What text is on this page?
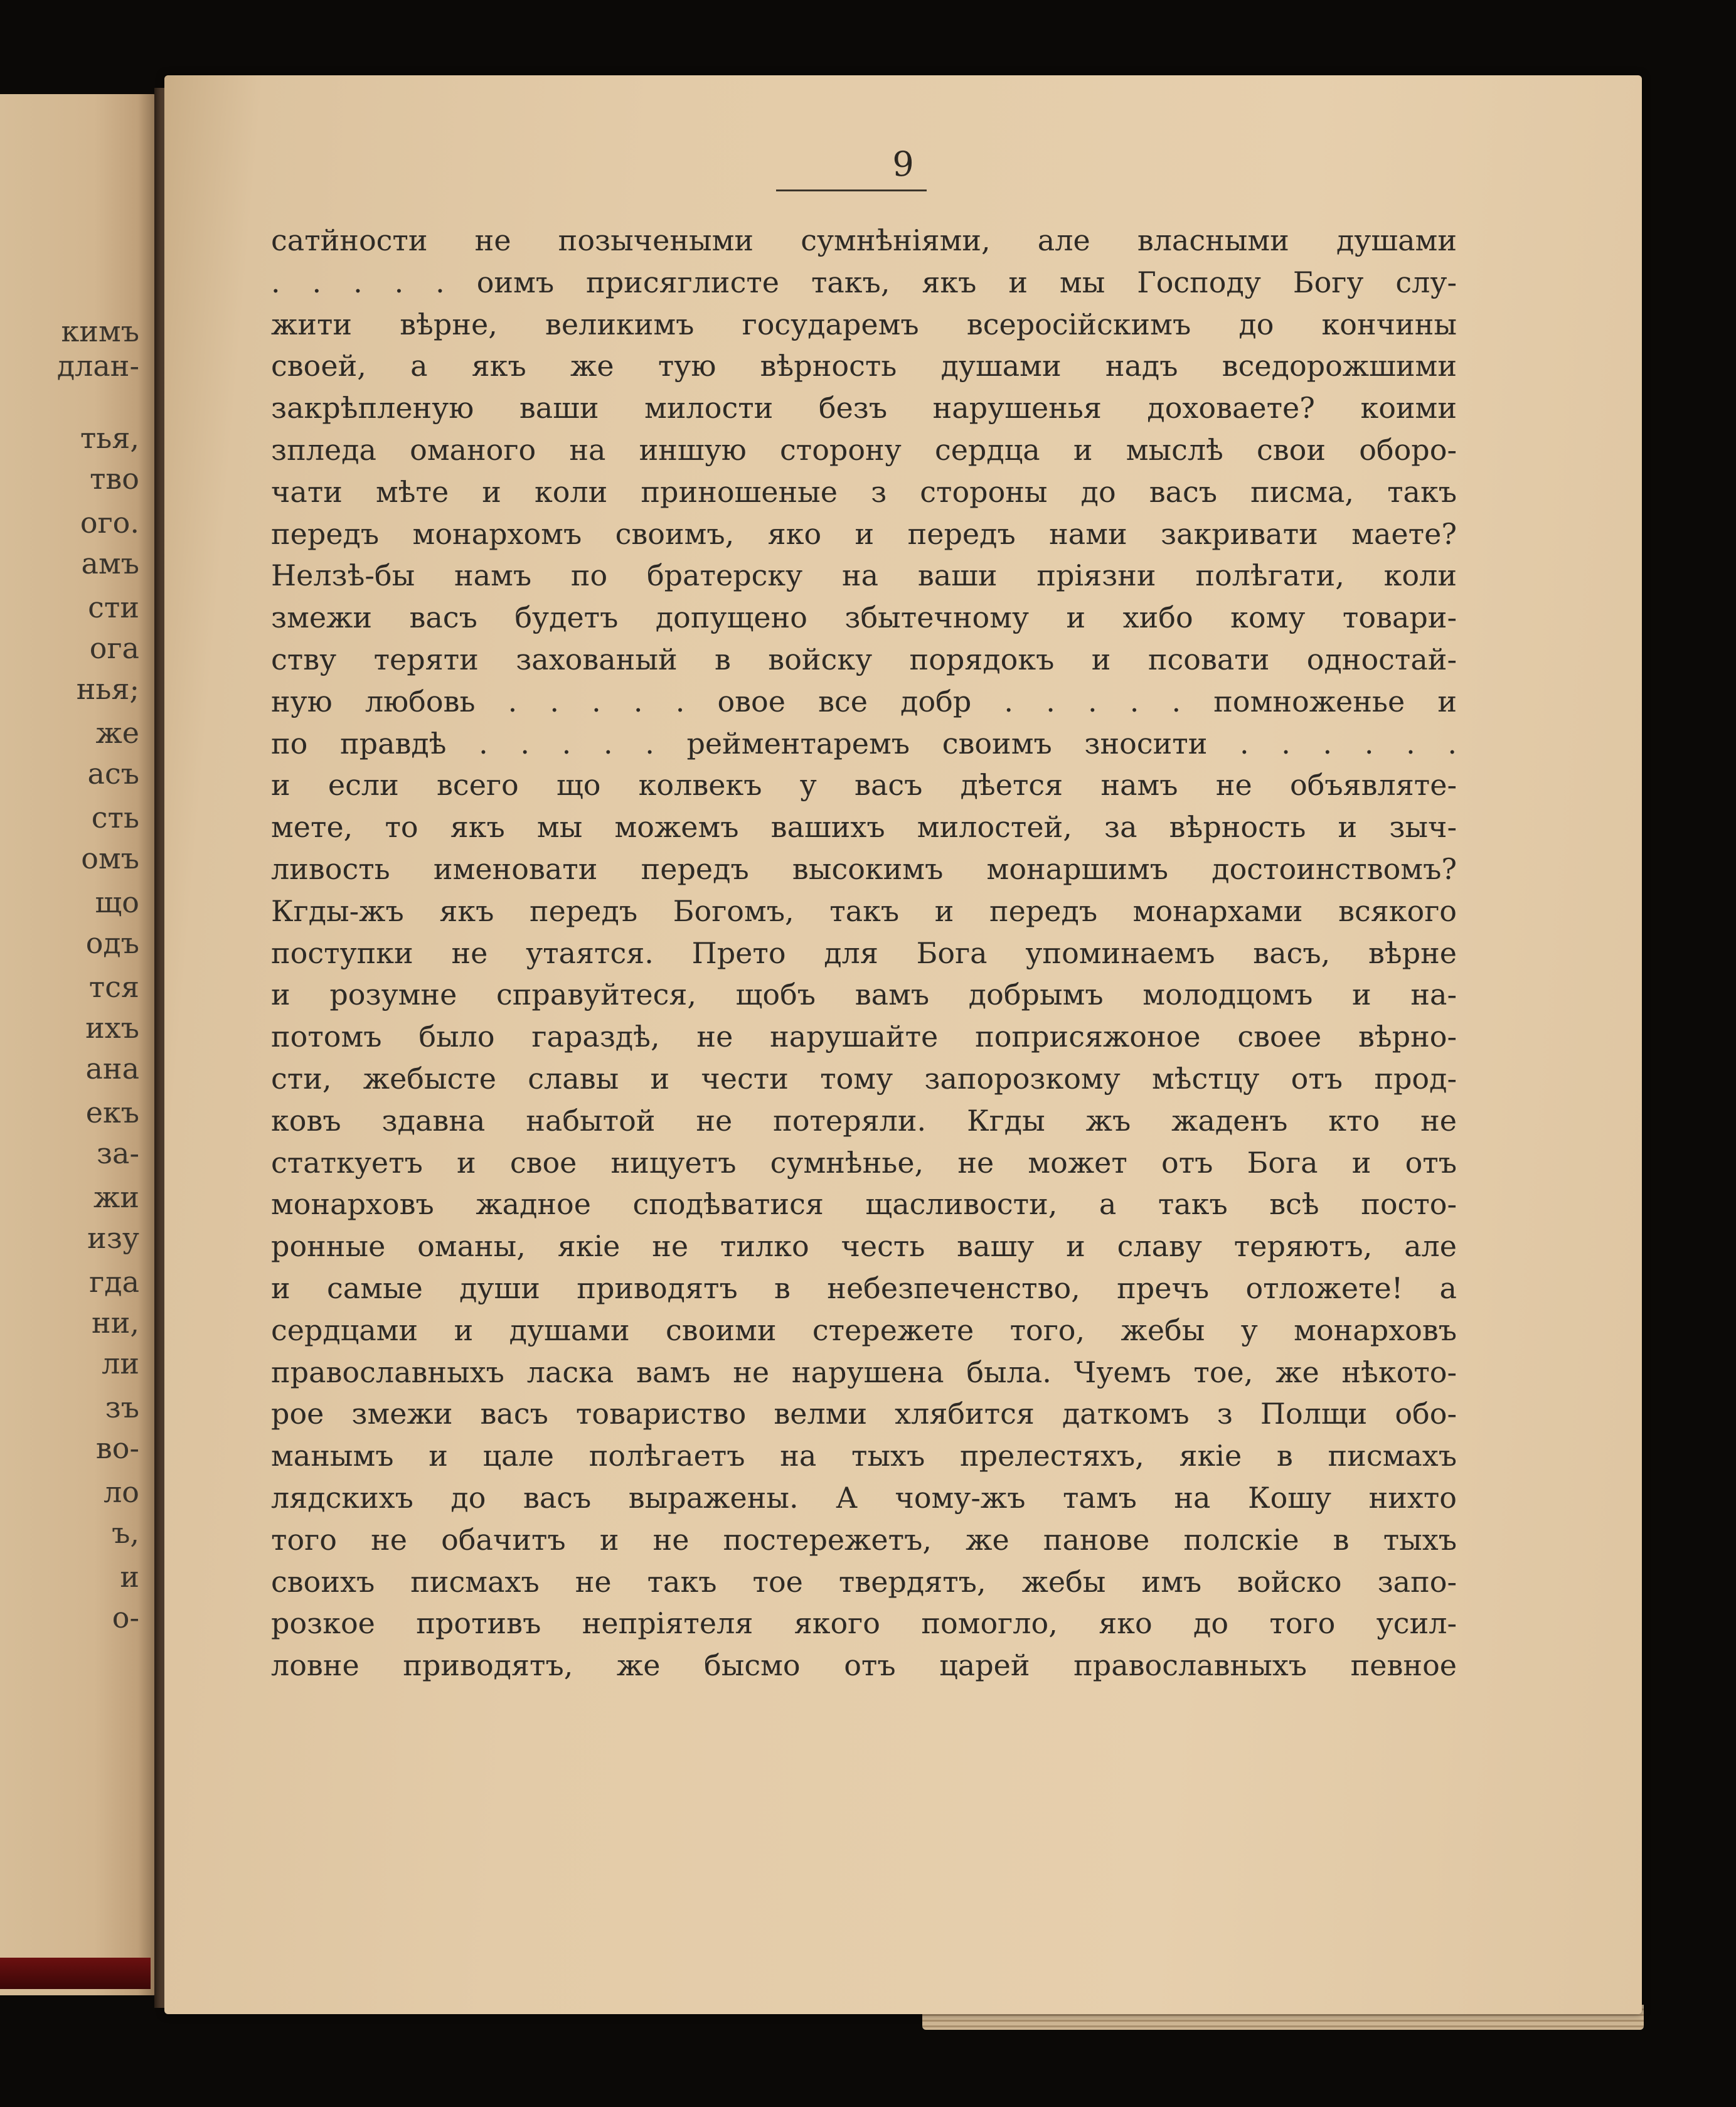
кимъ
длан-
тья,
тво
ого.
амъ
сти
ога
нья;
же
асъ
сть
омъ
щo
одъ
тся
ихъ
ана
екъ
за-
жи
изу
гда
ни,
ли
зъ
во-
ло
ъ,
и
о-
9
сатйности не позычеными сумнѣніями, але власными душами
. . . . . оимъ присяглисте такъ, якъ и мы Господу Богу слу-
жити вѣрне, великимъ государемъ всеросійскимъ до кончины
своей, а якъ же тую вѣрность душами надъ вседорожшими
закрѣпленую ваши милости безъ нарушенья доховаете? коими
зпледа оманого на иншую сторону сердца и мыслѣ свои оборо-
чати мѣте и коли приношеные з стороны до васъ писма, такъ
передъ монархомъ своимъ, яко и передъ нами закривати маете?
Нелзѣ-бы намъ по братерску на ваши пріязни полѣгати, коли
змежи васъ будетъ допущено збытечному и хибо кому товари-
ству теряти захованый в войску порядокъ и псовати одностай-
ную любовь . . . . . овое все добр . . . . . помноженье и
по правдѣ . . . . . рейментаремъ своимъ зносити . . . . . .
и если всего що колвекъ у васъ дѣется намъ не объявляте-
мете, то якъ мы можемъ вашихъ милостей, за вѣрность и зыч-
ливость именовати передъ высокимъ монаршимъ достоинствомъ?
Кгды-жъ якъ передъ Богомъ, такъ и передъ монархами всякого
поступки не утаятся. Прето для Бога упоминаемъ васъ, вѣрне
и розумне справуйтеся, щобъ вамъ добрымъ молодцомъ и на-
потомъ было гараздѣ, не нарушайте поприсяжоное своее вѣрно-
сти, жебысте славы и чести тому запорозкому мѣстцу отъ прод-
ковъ здавна набытой не потеряли. Кгды жъ жаденъ кто не
статкуетъ и свое ницуетъ сумнѣнье, не может отъ Бога и отъ
монарховъ жадное сподѣватися щасливости, а такъ всѣ посто-
ронные оманы, якіе не тилко честь вашу и славу теряютъ, але
и самые души приводятъ в небезпеченство, пречъ отложете! а
сердцами и душами своими стережете того, жебы у монарховъ
православныхъ ласка вамъ не нарушена была. Чуемъ тое, же нѣкото-
рое змежи васъ товариство велми хлябится даткомъ з Полщи обо-
манымъ и цале полѣгаетъ на тыхъ прелестяхъ, якіе в писмахъ
лядскихъ до васъ выражены. А чому-жъ тамъ на Кошу нихто
того не обачитъ и не постережетъ, же панове полскіе в тыхъ
своихъ писмахъ не такъ тое твердятъ, жебы имъ войско запо-
розкое противъ непріятеля якого помогло, яко до того усил-
ловне приводятъ, же бысмо отъ царей православныхъ певное
